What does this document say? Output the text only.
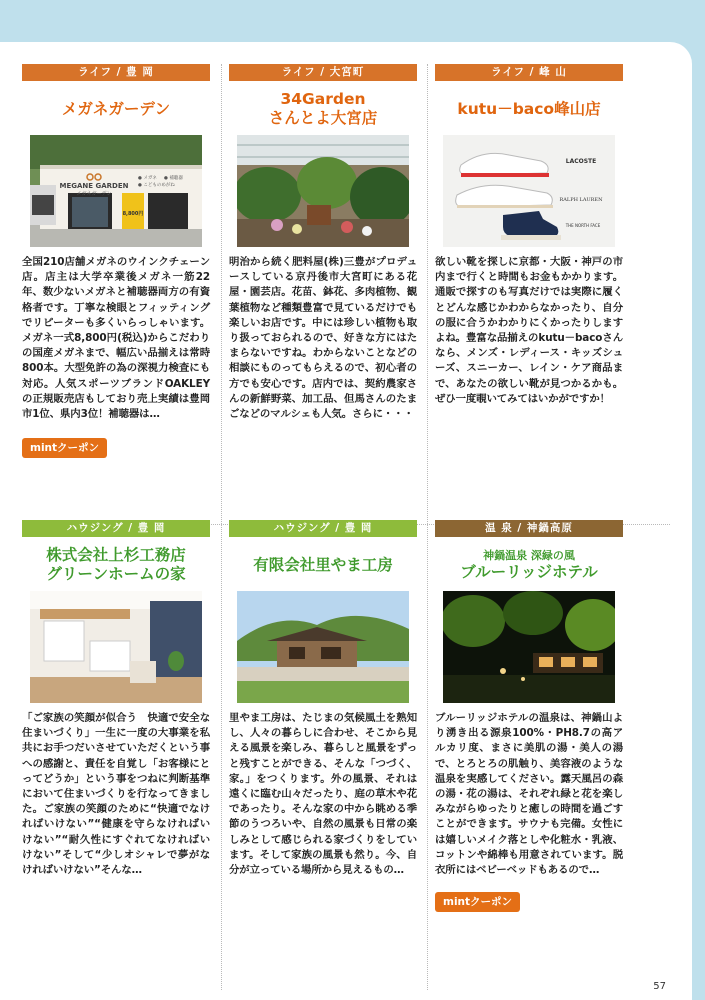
ライフ / 豊 岡
メガネガーデン
MEGANE GARDEN
メガネガーデン
● メガネ ● 補聴器
● こどものめがね
8,800円
全国210店舗メガネのウインクチェーン店。店主は大学卒業後メガネ一筋22年、数少ないメガネと補聴器両方の有資格者です。丁寧な検眼とフィッティングでリピーターも多くいらっしゃいます。メガネ一式8,800円(税込)からこだわりの国産メガネまで、幅広い品揃えは常時800本。大型免許の為の深視力検査にも対応。人気スポーツブランドOAKLEYの正規販売店もしており売上実績は豊岡市1位、県内3位！補聴器は…
mintクーポン
ライフ / 大宮町
34Garden
さんとよ大宮店
明治から続く肥料屋(株)三豊がプロデュースしている京丹後市大宮町にある花屋・園芸店。花苗、鉢花、多肉植物、観葉植物など種類豊富で見ているだけでも楽しいお店です。中には珍しい植物も取り扱っておられるので、好きな方にはたまらないですね。わからないことなどの相談にものってもらえるので、初心者の方でも安心です。店内では、契約農家さんの新鮮野菜、加工品、但馬さんのたまごなどのマルシェも人気。さらに・・・
ライフ / 峰 山
kutu－baco峰山店
LACOSTE
RALPH LAUREN
THE NORTH FACE
欲しい靴を探しに京都・大阪・神戸の市内まで行くと時間もお金もかかります。通販で探すのも写真だけでは実際に履くとどんな感じかわからなかったり、自分の服に合うかわかりにくかったりしますよね。豊富な品揃えのkutu－bacoさんなら、メンズ・レディース・キッズシューズ、スニーカー、レイン・ケア商品まで、あなたの欲しい靴が見つかるかも。ぜひ一度覗いてみてはいかがですか！
ハウジング / 豊 岡
株式会社上杉工務店
グリーンホームの家
「ご家族の笑顔が似合う　快適で安全な住まいづくり」一生に一度の大事業を私共にお手つだいさせていただくという事への感謝と、責任を自覚し「お客様にとってどうか」という事をつねに判断基準において住まいづくりを行なってきました。ご家族の笑顔のために“快適でなければいけない”“健康を守らなければいけない”“耐久性にすぐれてなければいけない”そして“少しオシャレで夢がなければいけない”そんな…
ハウジング / 豊 岡
有限会社里やま工房
里やま工房は、たじまの気候風土を熟知し、人々の暮らしに合わせ、そこから見える風景を楽しみ、暮らしと風景をずっと残すことができる、そんな「つづく、家。」をつくります。外の風景、それは遠くに臨む山々だったり、庭の草木や花であったり。そんな家の中から眺める季節のうつろいや、自然の風景も日常の楽しみとして感じられる家づくりをしています。そして家族の風景も然り。今、自分が立っている場所から見えるもの…
温 泉 / 神鍋高原
神鍋温泉 深緑の風
ブルーリッジホテル
ブルーリッジホテルの温泉は、神鍋山より湧き出る源泉100%・PH8.7の高アルカリ度、まさに美肌の湯・美人の湯で、とろとろの肌触り、美容液のような温泉を実感してください。露天風呂の森の湯・花の湯は、それぞれ緑と花を楽しみながらゆったりと癒しの時間を過ごすことができます。サウナも完備。女性には嬉しいメイク落としや化粧水・乳液、コットンや綿棒も用意されています。脱衣所にはベビーベッドもあるので…
mintクーポン
57
